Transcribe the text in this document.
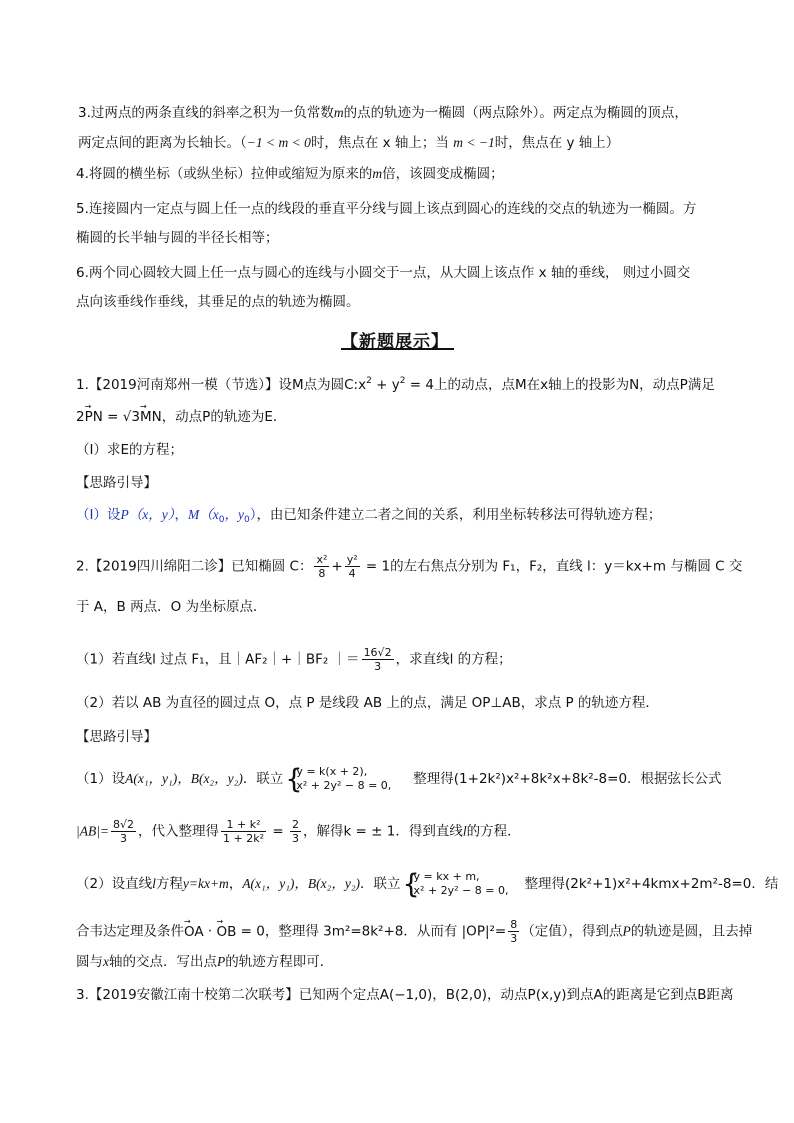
3.过两点的两条直线的斜率之积为一负常数m的点的轨迹为一椭圆（两点除外）。两定点为椭圆的顶点，
两定点间的距离为长轴长。（−1 < m < 0时，焦点在 x 轴上；当 m < −1时，焦点在 y 轴上）
4.将圆的横坐标（或纵坐标）拉伸或缩短为原来的m倍，该圆变成椭圆；
5.连接圆内一定点与圆上任一点的线段的垂直平分线与圆上该点到圆心的连线的交点的轨迹为一椭圆。方
椭圆的长半轴与圆的半径长相等；
6.两个同心圆较大圆上任一点与圆心的连线与小圆交于一点，从大圆上该点作 x 轴的垂线， 则过小圆交
点向该垂线作垂线，其垂足的点的轨迹为椭圆。
【新题展示】
1.【2019河南郑州一模（节选）】设M点为圆$C:x^2 + y^2 = 4$上的动点，点M在x轴上的投影为N，动点P满足
2PN → = √3MN →，动点P的轨迹为E．
（Ⅰ）求E的方程；
【思路引导】
（Ⅰ）设P（x，y），$M(x_0$，$y_0$），由已知条件建立二者之间的关系，利用坐标转移法可得轨迹方程；
2.【2019四川绵阳二诊】已知椭圆 C： $\frac{\text{x²}}{8} + \frac{\text{y²}}{4} = 1$的左右焦点分别为 F₁，F₂，直线 l：y＝kx+m 与椭圆 C 交
于 A，B 两点．O 为坐标原点．
（1）若直线l 过点 F₁，且｜AF₂｜+｜BF₂ ｜＝ $\frac{16√2}{3}$ ，求直线l 的方程；
（2）若以 AB 为直径的圆过点 O，点 P 是线段 AB 上的点，满足 OP⊥AB，求点 P 的轨迹方程．
【思路引导】
（1）设A(x₁，y₁)，B(x₂，y₂)．联立 { y = k(x + 2),
x² + 2y² − 8 = 0, 整理得(1+2k²)x²+8k²x+8k²-8=0．根据弦长公式
$|AB|= \frac{8√2}{3}$ ，代入整理得 $\frac{\text{1 + k²}}{\text{1 + 2k²}} = \frac{2}{3}$ ，解得k = ± 1．得到直线l的方程．
（2）设直线l方程y=kx+m，A(x₁，y₁)，B(x₂，y₂)．联立 { y = kx + m,
x² + 2y² − 8 = 0, 整理得(2k²+1)x²+4kmx+2m²-8=0．结
合韦达定理及条件OA → · OB → = 0，整理得 3m²=8k²+8．从而有 $|OP|^2= \frac{8}{3}$ （定值），得到点P的轨迹是圆，且去掉
圆与x轴的交点．写出点P的轨迹方程即可．
3.【2019安徽江南十校第二次联考】已知两个定点A(−1,0)，B(2,0)，动点P(x,y)到点A的距离是它到点B距离
